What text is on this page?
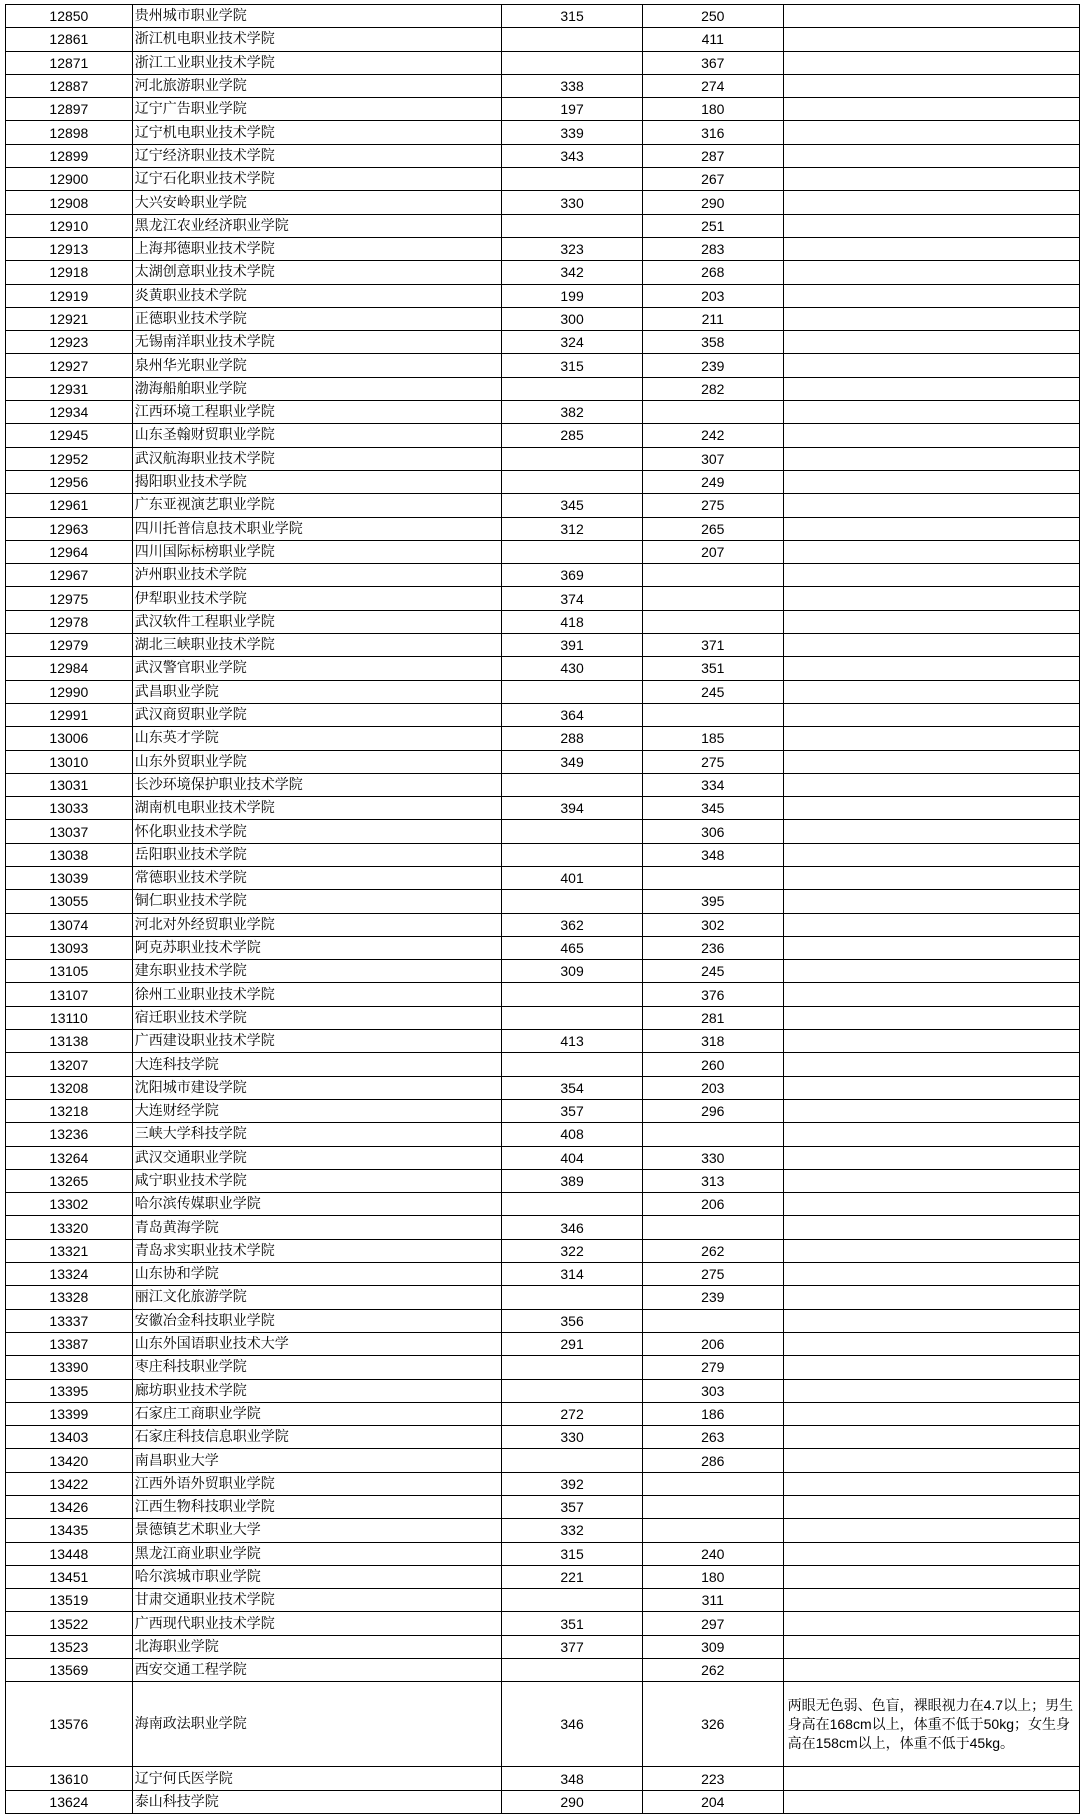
12850	贵州城市职业学院	315	250	
12861	浙江机电职业技术学院		411	
12871	浙江工业职业技术学院		367	
12887	河北旅游职业学院	338	274	
12897	辽宁广告职业学院	197	180	
12898	辽宁机电职业技术学院	339	316	
12899	辽宁经济职业技术学院	343	287	
12900	辽宁石化职业技术学院		267	
12908	大兴安岭职业学院	330	290	
12910	黑龙江农业经济职业学院		251	
12913	上海邦德职业技术学院	323	283	
12918	太湖创意职业技术学院	342	268	
12919	炎黄职业技术学院	199	203	
12921	正德职业技术学院	300	211	
12923	无锡南洋职业技术学院	324	358	
12927	泉州华光职业学院	315	239	
12931	渤海船舶职业学院		282	
12934	江西环境工程职业学院	382		
12945	山东圣翰财贸职业学院	285	242	
12952	武汉航海职业技术学院		307	
12956	揭阳职业技术学院		249	
12961	广东亚视演艺职业学院	345	275	
12963	四川托普信息技术职业学院	312	265	
12964	四川国际标榜职业学院		207	
12967	泸州职业技术学院	369		
12975	伊犁职业技术学院	374		
12978	武汉软件工程职业学院	418		
12979	湖北三峡职业技术学院	391	371	
12984	武汉警官职业学院	430	351	
12990	武昌职业学院		245	
12991	武汉商贸职业学院	364		
13006	山东英才学院	288	185	
13010	山东外贸职业学院	349	275	
13031	长沙环境保护职业技术学院		334	
13033	湖南机电职业技术学院	394	345	
13037	怀化职业技术学院		306	
13038	岳阳职业技术学院		348	
13039	常德职业技术学院	401		
13055	铜仁职业技术学院		395	
13074	河北对外经贸职业学院	362	302	
13093	阿克苏职业技术学院	465	236	
13105	建东职业技术学院	309	245	
13107	徐州工业职业技术学院		376	
13110	宿迁职业技术学院		281	
13138	广西建设职业技术学院	413	318	
13207	大连科技学院		260	
13208	沈阳城市建设学院	354	203	
13218	大连财经学院	357	296	
13236	三峡大学科技学院	408		
13264	武汉交通职业学院	404	330	
13265	咸宁职业技术学院	389	313	
13302	哈尔滨传媒职业学院		206	
13320	青岛黄海学院	346		
13321	青岛求实职业技术学院	322	262	
13324	山东协和学院	314	275	
13328	丽江文化旅游学院		239	
13337	安徽冶金科技职业学院	356		
13387	山东外国语职业技术大学	291	206	
13390	枣庄科技职业学院		279	
13395	廊坊职业技术学院		303	
13399	石家庄工商职业学院	272	186	
13403	石家庄科技信息职业学院	330	263	
13420	南昌职业大学		286	
13422	江西外语外贸职业学院	392		
13426	江西生物科技职业学院	357		
13435	景德镇艺术职业大学	332		
13448	黑龙江商业职业学院	315	240	
13451	哈尔滨城市职业学院	221	180	
13519	甘肃交通职业技术学院		311	
13522	广西现代职业技术学院	351	297	
13523	北海职业学院	377	309	
13569	西安交通工程学院		262	
13576	海南政法职业学院	346	326	两眼无色弱、色盲，裸眼视力在4.7以上；男生身高在168cm以上，体重不低于50kg；女生身高在158cm以上，体重不低于45kg。
13610	辽宁何氏医学院	348	223	
13624	泰山科技学院	290	204	
